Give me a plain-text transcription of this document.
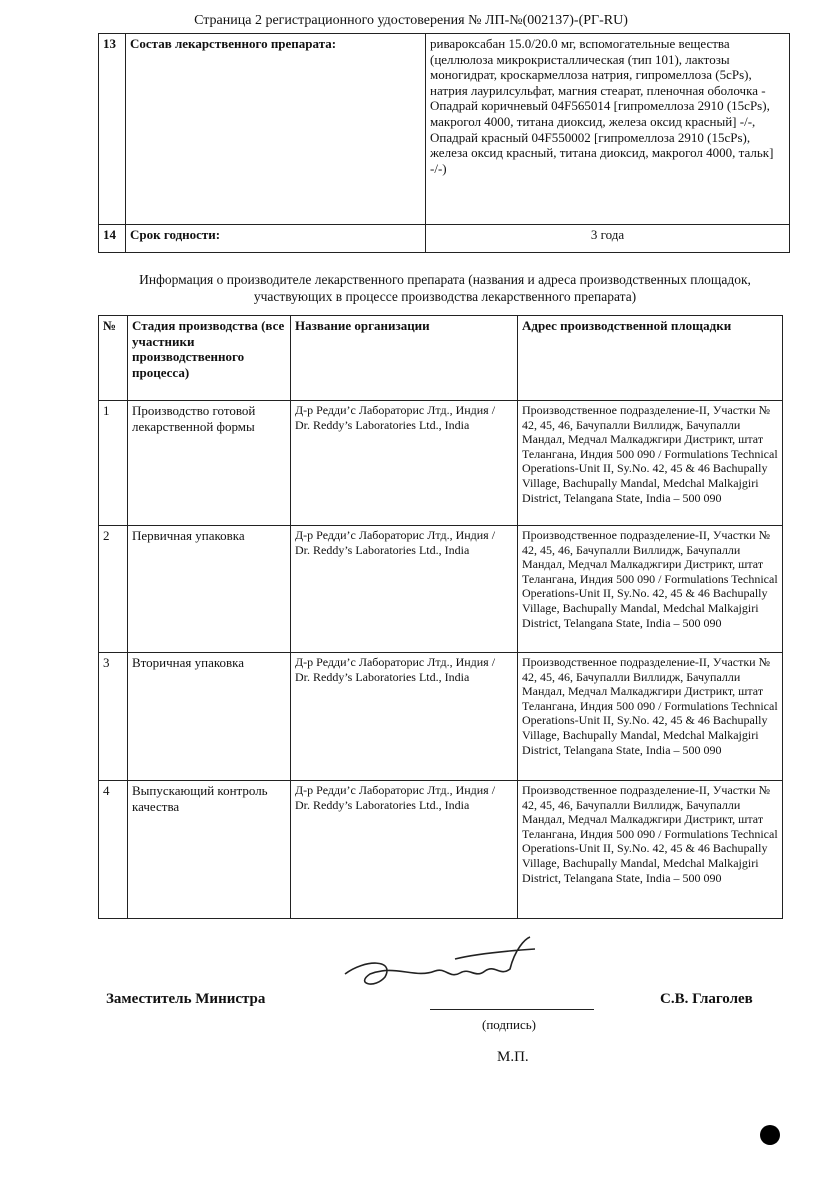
Страница 2 регистрационного удостоверения № ЛП-№(002137)-(РГ-RU)
13	Состав лекарственного препарата:	ривароксабан 15.0/20.0 мг, вспомогательные вещества (целлюлоза микрокристаллическая (тип 101), лактозы моногидрат, кроскармеллоза натрия, гипромеллоза (5cPs), натрия лаурилсульфат, магния стеарат, пленочная оболочка - Опадрай коричневый 04F565014 [гипромеллоза 2910 (15cPs), макрогол 4000, титана диоксид, железа оксид красный] -/-, Опадрай красный 04F550002 [гипромеллоза 2910 (15cPs), железа оксид красный, титана диоксид, макрогол 4000, тальк] -/-)
14	Срок годности:	3 года
Информация о производителе лекарственного препарата (названия и адреса производственных площадок, участвующих в процессе производства лекарственного препарата)
№	Стадия производства (все участники производственного процесса)	Название организации	Адрес производственной площадки
1	Производство готовой лекарственной формы	Д-р Редди’с Лабораторис Лтд., Индия / Dr. Reddy’s Laboratories Ltd., India	Производственное подразделение-II, Участки № 42, 45, 46, Бачупалли Виллидж, Бачупалли Мандал, Медчал Малкаджгири Дистрикт, штат Телангана, Индия 500 090 / Formulations Technical Operations-Unit II, Sy.No. 42, 45 & 46 Bachupally Village, Bachupally Mandal, Medchal Malkajgiri District, Telangana State, India – 500 090
2	Первичная упаковка	Д-р Редди’с Лабораторис Лтд., Индия / Dr. Reddy’s Laboratories Ltd., India	Производственное подразделение-II, Участки № 42, 45, 46, Бачупалли Виллидж, Бачупалли Мандал, Медчал Малкаджгири Дистрикт, штат Телангана, Индия 500 090 / Formulations Technical Operations-Unit II, Sy.No. 42, 45 & 46 Bachupally Village, Bachupally Mandal, Medchal Malkajgiri District, Telangana State, India – 500 090
3	Вторичная упаковка	Д-р Редди’с Лабораторис Лтд., Индия / Dr. Reddy’s Laboratories Ltd., India	Производственное подразделение-II, Участки № 42, 45, 46, Бачупалли Виллидж, Бачупалли Мандал, Медчал Малкаджгири Дистрикт, штат Телангана, Индия 500 090 / Formulations Technical Operations-Unit II, Sy.No. 42, 45 & 46 Bachupally Village, Bachupally Mandal, Medchal Malkajgiri District, Telangana State, India – 500 090
4	Выпускающий контроль качества	Д-р Редди’с Лабораторис Лтд., Индия / Dr. Reddy’s Laboratories Ltd., India	Производственное подразделение-II, Участки № 42, 45, 46, Бачупалли Виллидж, Бачупалли Мандал, Медчал Малкаджгири Дистрикт, штат Телангана, Индия 500 090 / Formulations Technical Operations-Unit II, Sy.No. 42, 45 & 46 Bachupally Village, Bachupally Mandal, Medchal Malkajgiri District, Telangana State, India – 500 090
Заместитель Министра
(подпись)
С.В. Глаголев
М.П.
